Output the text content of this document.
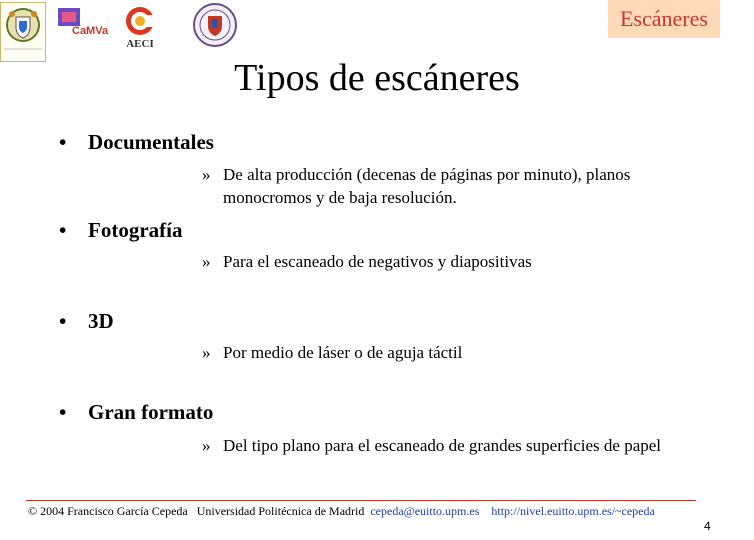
CaMVa
AECI
Escáneres
Tipos de escáneres
• Documentales
» De alta producción (decenas de páginas por minuto), planos monocromos y de baja resolución.
• Fotografía
» Para el escaneado de negativos y diapositivas
• 3D
» Por medio de láser o de aguja táctil
• Gran formato
» Del tipo plano para el escaneado de grandes superficies de papel
© 2004 Francisco García Cepeda Universidad Politécnica de Madrid cepeda@euitto.upm.es http://nivel.euitto.upm.es/~cepeda
4
